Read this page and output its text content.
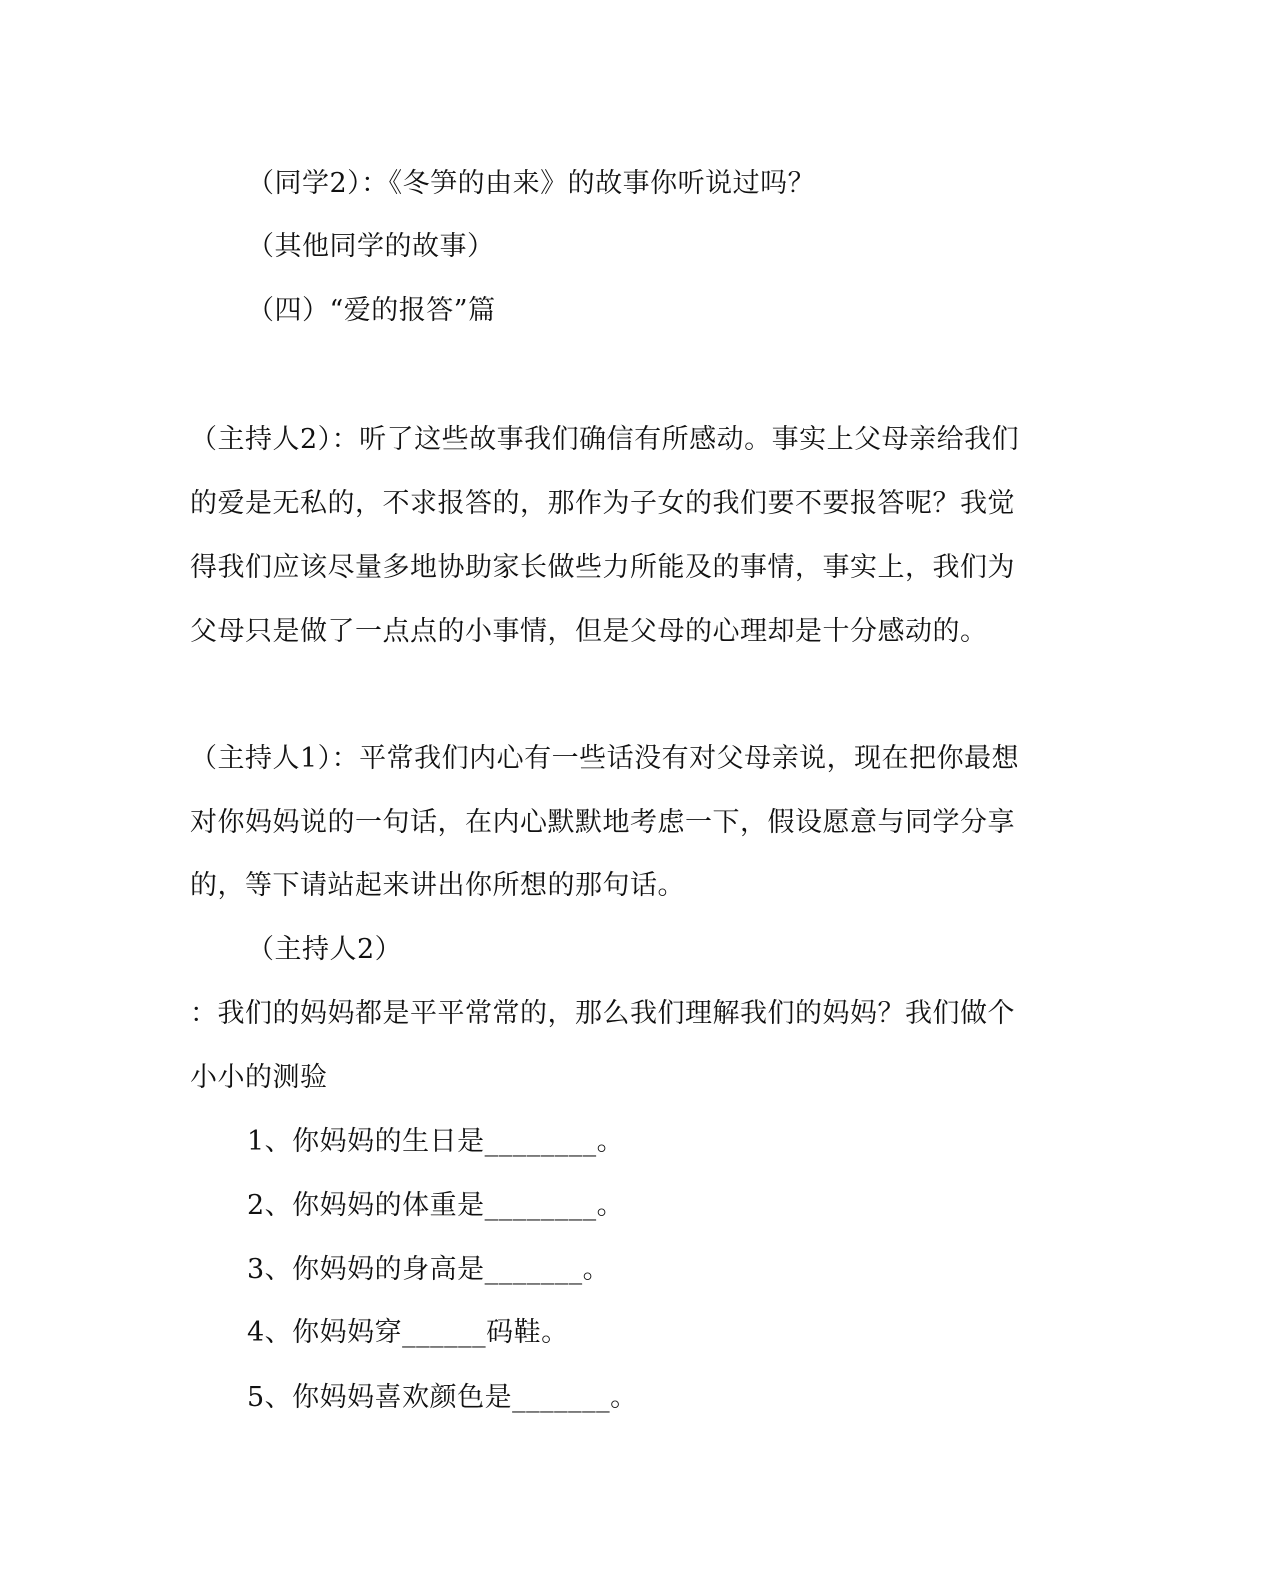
（同学2）：《冬笋的由来》的故事你听说过吗？
（其他同学的故事）
（四）“爱的报答”篇
（主持人2）：听了这些故事我们确信有所感动。事实上父母亲给我们
的爱是无私的，不求报答的，那作为子女的我们要不要报答呢？我觉
得我们应该尽量多地协助家长做些力所能及的事情，事实上，我们为
父母只是做了一点点的小事情，但是父母的心理却是十分感动的。
（主持人1）：平常我们内心有一些话没有对父母亲说，现在把你最想
对你妈妈说的一句话，在内心默默地考虑一下，假设愿意与同学分享
的，等下请站起来讲出你所想的那句话。
（主持人2）
：我们的妈妈都是平平常常的，那么我们理解我们的妈妈？我们做个
小小的测验
1、你妈妈的生日是________。
2、你妈妈的体重是________。
3、你妈妈的身高是_______。
4、你妈妈穿______码鞋。
5、你妈妈喜欢颜色是_______。
